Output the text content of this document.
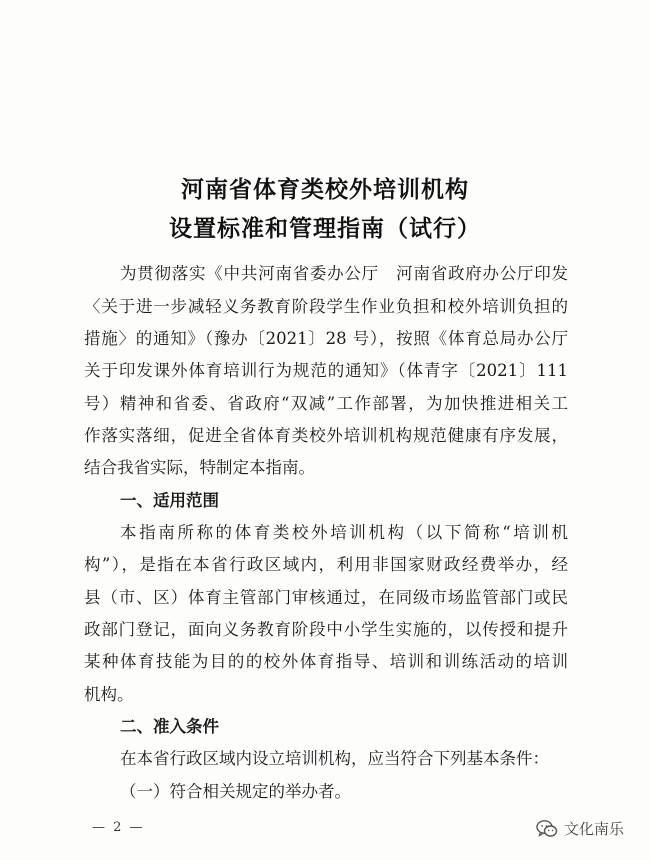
河南省体育类校外培训机构
设置标准和管理指南（试行）
为贯彻落实《中共河南省委办公厅　河南省政府办公厅印发
〈关于进一步减轻义务教育阶段学生作业负担和校外培训负担的
措施〉的通知》（豫办〔2021〕28 号），按照《体育总局办公厅
关于印发课外体育培训行为规范的通知》（体青字〔2021〕111
号）精神和省委、省政府“双减”工作部署，为加快推进相关工
作落实落细，促进全省体育类校外培训机构规范健康有序发展，
结合我省实际，特制定本指南。
一、适用范围
本指南所称的体育类校外培训机构（以下简称“培训机
构”），是指在本省行政区域内，利用非国家财政经费举办，经
县（市、区）体育主管部门审核通过，在同级市场监管部门或民
政部门登记，面向义务教育阶段中小学生实施的，以传授和提升
某种体育技能为目的的校外体育指导、培训和训练活动的培训
机构。
二、准入条件
在本省行政区域内设立培训机构，应当符合下列基本条件：
（一）符合相关规定的举办者。
— 2 —	文化南乐
